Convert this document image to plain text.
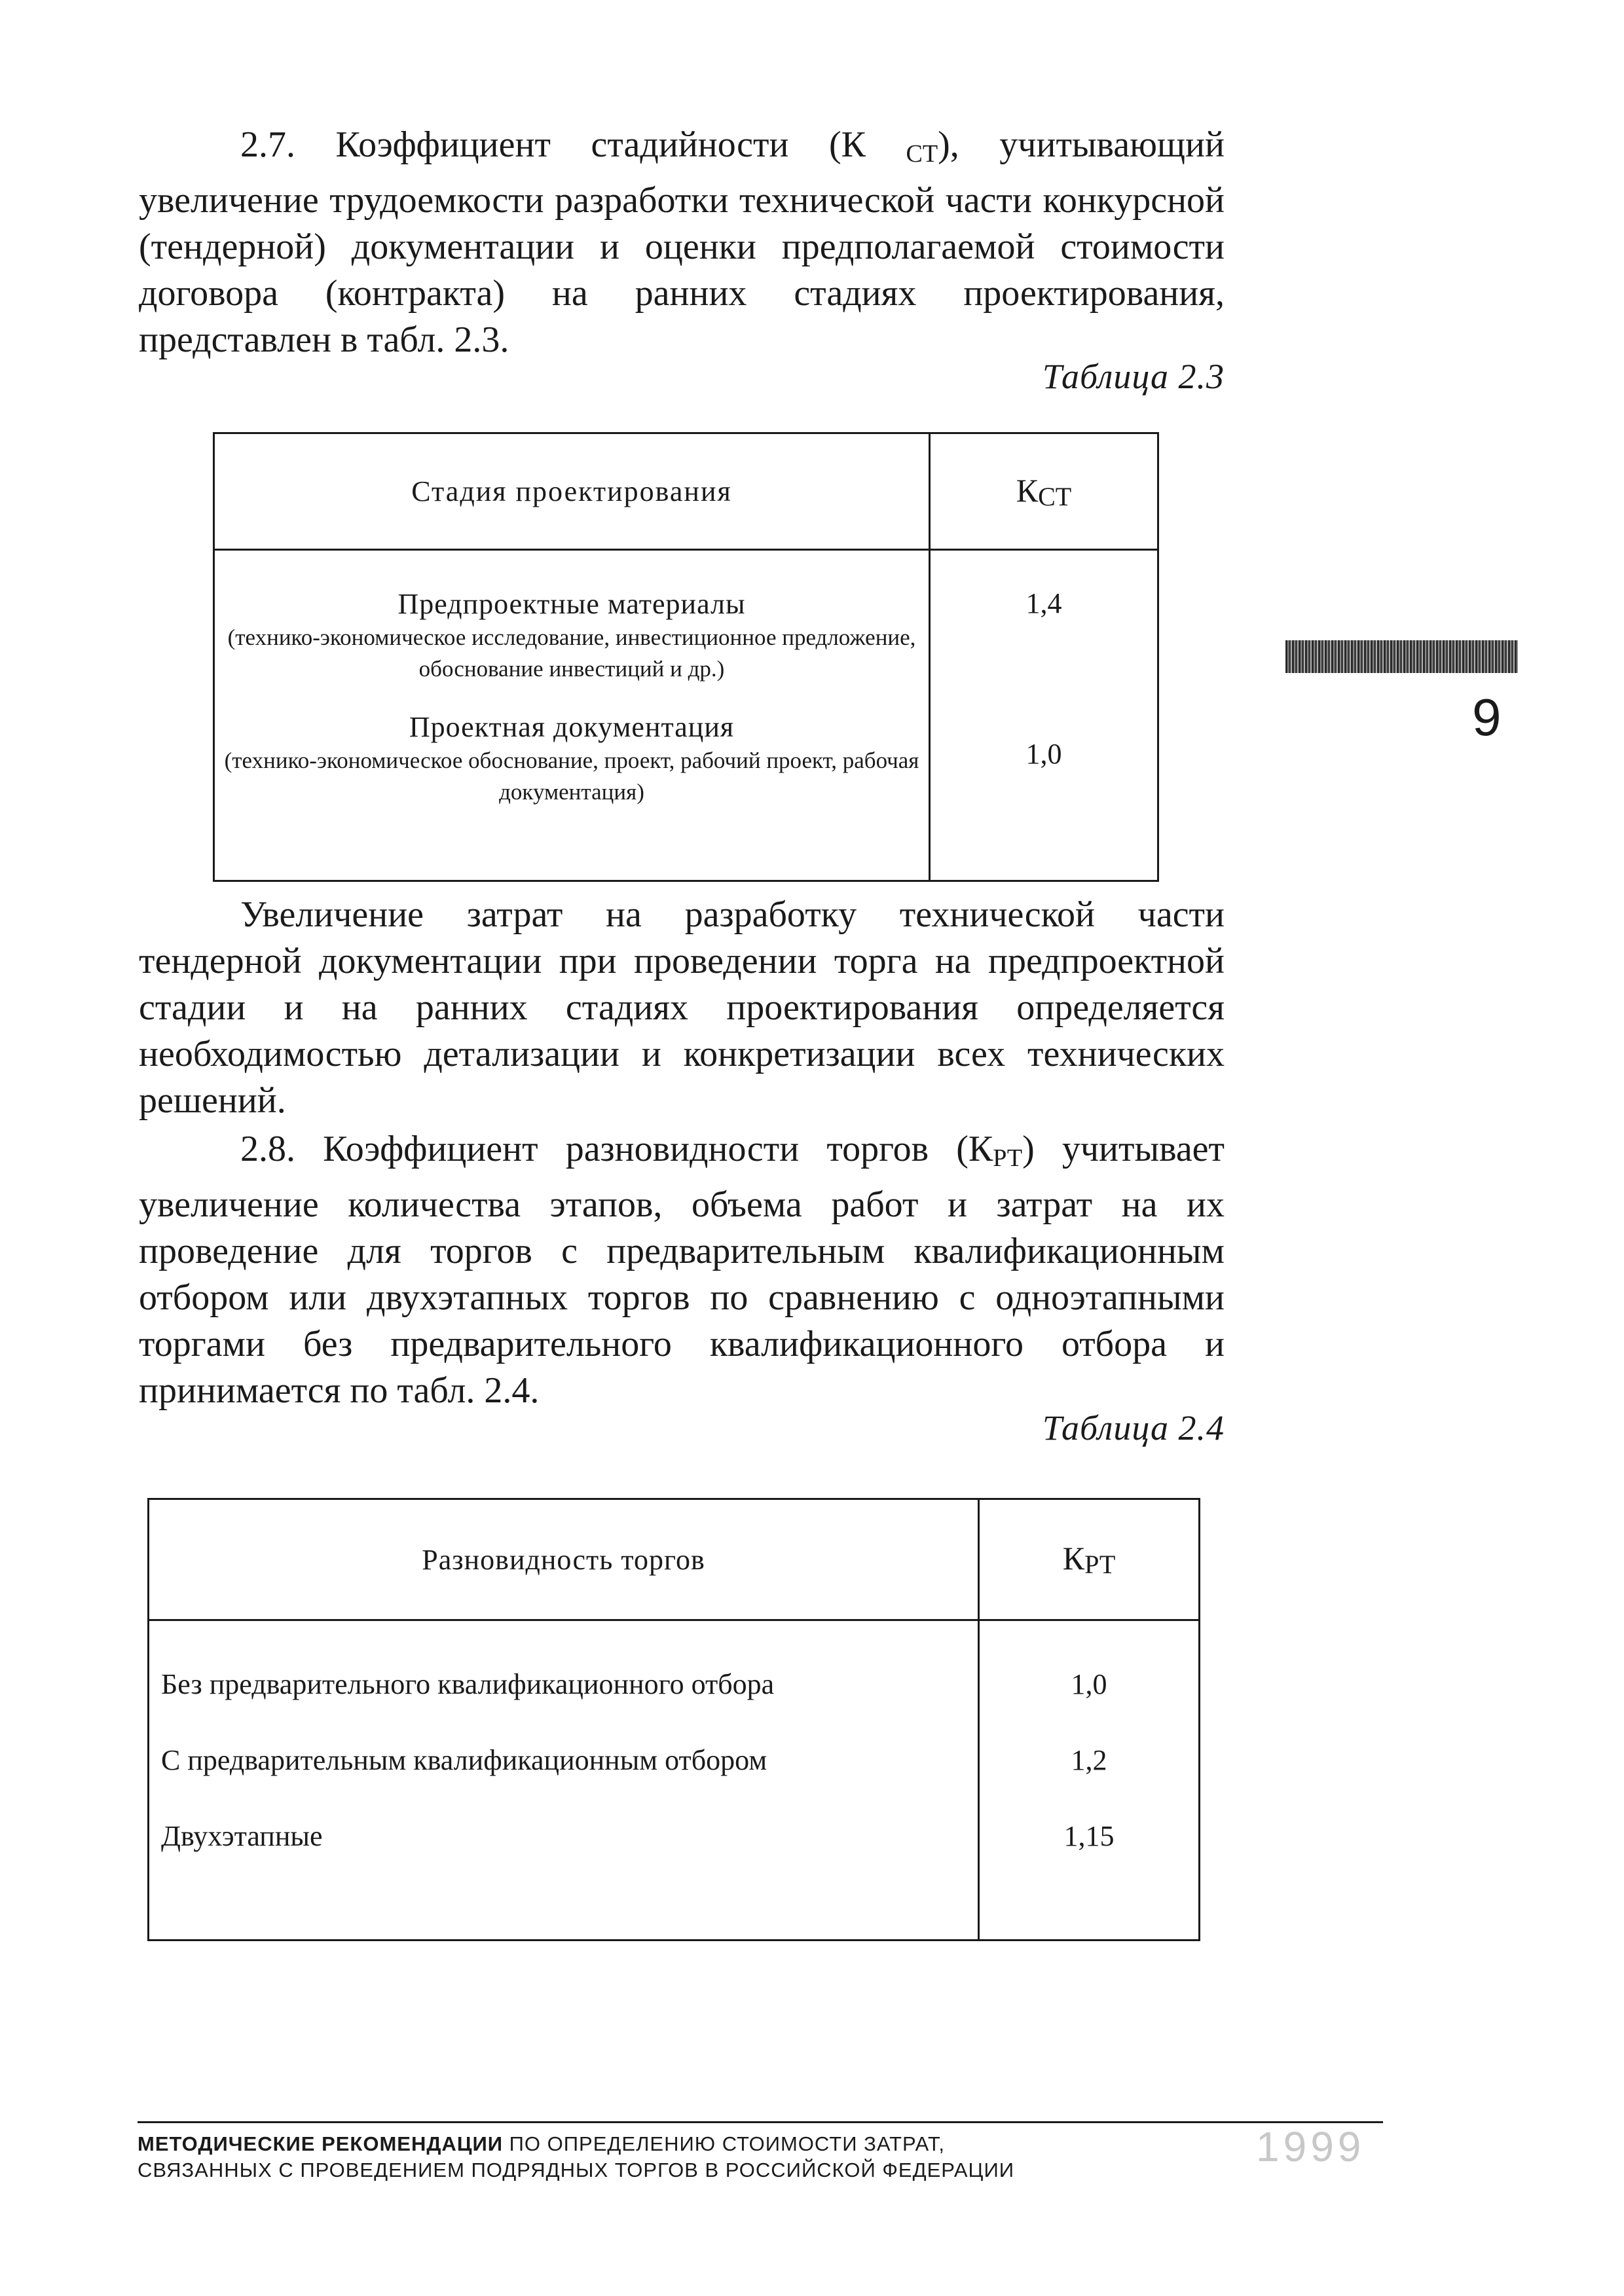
2.7. Коэффициент стадийности (К $_{СТ}$), учитывающий увеличение трудоемкости разработки технической части конкурсной (тендерной) документации и оценки предполагаемой стоимости договора (контракта) на ранних стадиях проектирования, представлен в табл. 2.3.

Таблица 2.3
Стадия проектирования	$К_{СТ}$

Предпроектные материалы
(технико-экономическое исследование, инвестиционное предложение, обоснование инвестиций и др.)	1,4

Проектная документация
(технико-экономическое обоснование, проект, рабочий проект, рабочая документация)	1,0
9

Увеличение затрат на разработку технической части тендерной документации при проведении торга на предпроектной стадии и на ранних стадиях проектирования определяется необходимостью детализации и конкретизации всех технических решений.

2.8. Коэффициент разновидности торгов $(К_{РТ})$ учитывает увеличение количества этапов, объема работ и затрат на их проведение для торгов с предварительным квалификационным отбором или двухэтапных торгов по сравнению с одноэтапными торгами без предварительного квалификационного отбора и принимается по табл. 2.4.

Таблица 2.4
Разновидность торгов	$К_{РТ}$
Без предварительного квалификационного отбора	1,0
С предварительным квалификационным отбором	1,2
Двухэтапные	1,15

МЕТОДИЧЕСКИЕ РЕКОМЕНДАЦИИ ПО ОПРЕДЕЛЕНИЮ СТОИМОСТИ ЗАТРАТ,
СВЯЗАННЫХ С ПРОВЕДЕНИЕМ ПОДРЯДНЫХ ТОРГОВ В РОССИЙСКОЙ ФЕДЕРАЦИИ	1999
